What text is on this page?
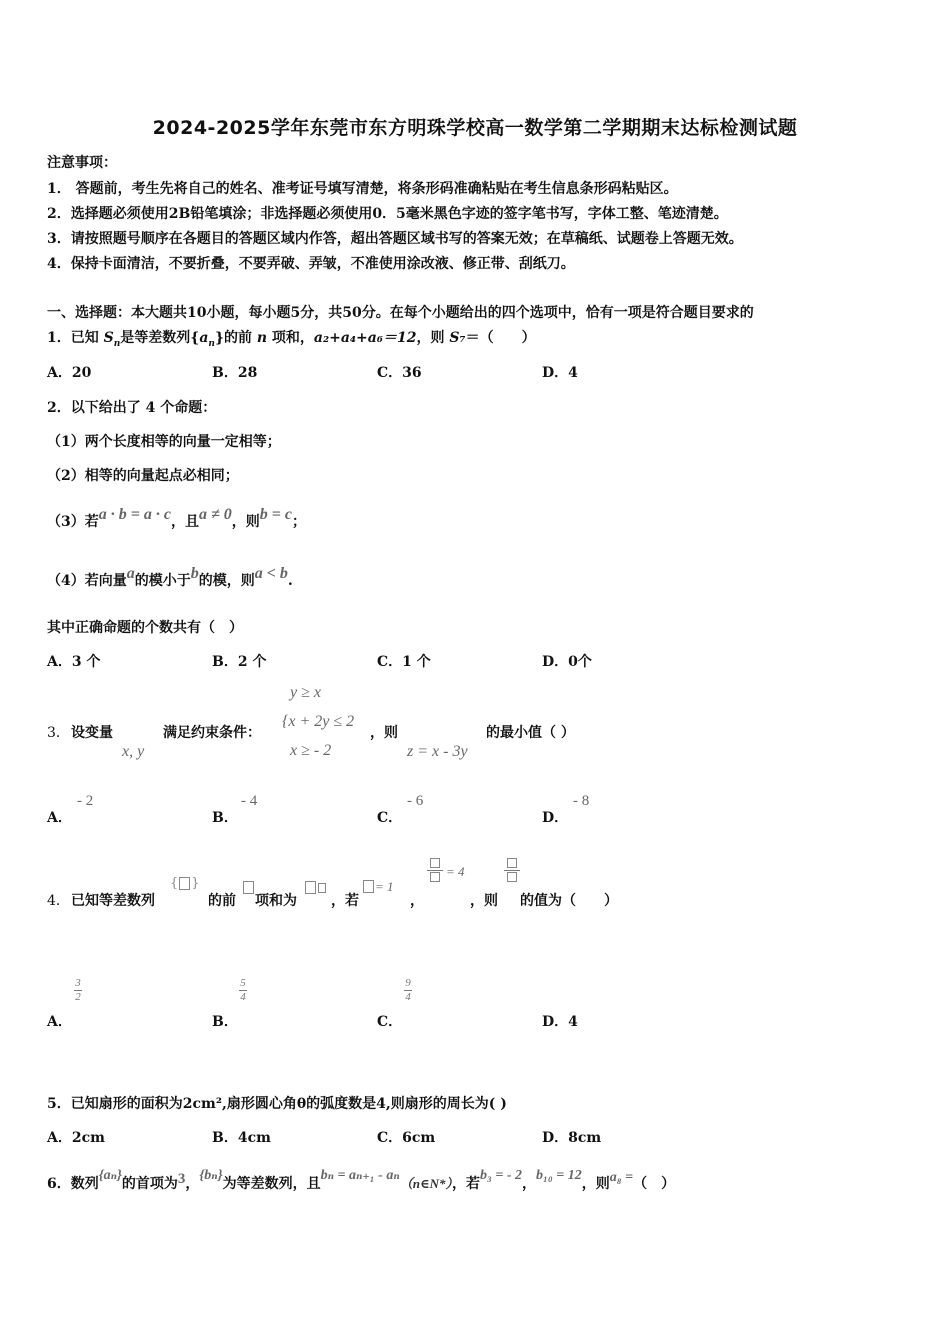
2024-2025学年东莞市东方明珠学校高一数学第二学期期末达标检测试题
注意事项：
1． 答题前，考生先将自己的姓名、准考证号填写清楚，将条形码准确粘贴在考生信息条形码粘贴区。
2．选择题必须使用2B铅笔填涂；非选择题必须使用0．5毫米黑色字迹的签字笔书写，字体工整、笔迹清楚。
3．请按照题号顺序在各题目的答题区域内作答，超出答题区域书写的答案无效；在草稿纸、试题卷上答题无效。
4．保持卡面清洁，不要折叠，不要弄破、弄皱，不准使用涂改液、修正带、刮纸刀。
一、选择题：本大题共10小题，每小题5分，共50分。在每个小题给出的四个选项中，恰有一项是符合题目要求的
1．已知 $S_n$是等差数列$\{a_n\}$的前 n 项和，a₂+a₄+a₆＝12，则 S₇＝（　　）
A．20	B．28	C．36	D．4
2．以下给出了 4 个命题：
（1）两个长度相等的向量一定相等；
（2）相等的向量起点必相同；
（3）若a · b = a · c，且a ≠ 0，则b = c；
（4）若向量a的模小于b的模，则a < b.
其中正确命题的个数共有（　）
A．3 个	B．2 个	C．1 个	D．0个
3． 设变量
x, y
满足约束条件：
y ≥ x
{x + 2y ≤ 2
x ≥ - 2
，则
z = x - 3y
的最小值（ ）
A．
- 2
B．
- 4
C．
- 6
D．
- 8
4． 已知等差数列
{ }
的前 项和为 ，若
= 1
，
= 4
，则 的值为（　　）
A．
3
2
B．
5
4
C．
9
4
D．4
5．已知扇形的面积为2cm²,扇形圆心角θ的弧度数是4,则扇形的周长为( )
A．2cm	B．4cm	C．6cm	D．8cm
6．数列{aₙ}的首项为3，{bₙ}为等差数列，且bₙ = aₙ₊₁ - aₙ（n∈N*），若b₃ = - 2，b₁₀ = 12，则a₈ =（　）
